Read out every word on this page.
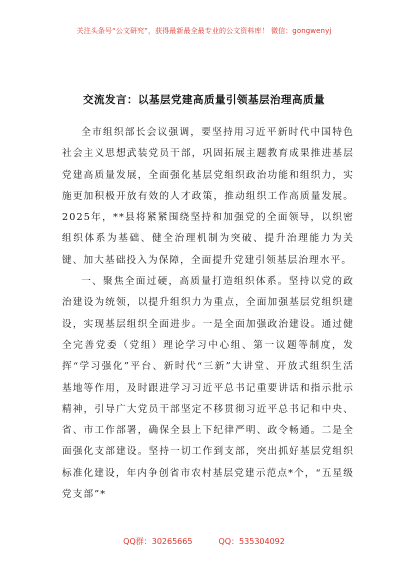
关注头条号“公文研究”，获得最新最全最专业的公文资料库！ 微信：gongwenyj
交流发言：以基层党建高质量引领基层治理高质量

全市组织部长会议强调，要坚持用习近平新时代中国特色社会主义思想武装党员干部，巩固拓展主题教育成果推进基层党建高质量发展，全面强化基层党组织政治功能和组织力，实施更加积极开放有效的人才政策，推动组织工作高质量发展。2025年，**县将紧紧围绕坚持和加强党的全面领导，以织密组织体系为基础、健全治理机制为突破、提升治理能力为关键、加大基础投入为保障，全面提升党建引领基层治理水平。

一、聚焦全面过硬，高质量打造组织体系。坚持以党的政治建设为统领，以提升组织力为重点，全面加强基层党组织建设，实现基层组织全面进步。一是全面加强政治建设。通过健全完善党委（党组）理论学习中心组、第一议题等制度，发挥“学习强化”平台、新时代“三新”大讲堂、开放式组织生活基地等作用，及时跟进学习习近平总书记重要讲话和指示批示精神，引导广大党员干部坚定不移贯彻习近平总书记和中央、省、市工作部署，确保全县上下纪律严明、政令畅通。二是全面强化支部建设。坚持一切工作到支部，突出抓好基层党组织标准化建设，年内争创省市农村基层党建示范点*个，“五星级党支部”*

QQ群：30265665	QQ：535304092
